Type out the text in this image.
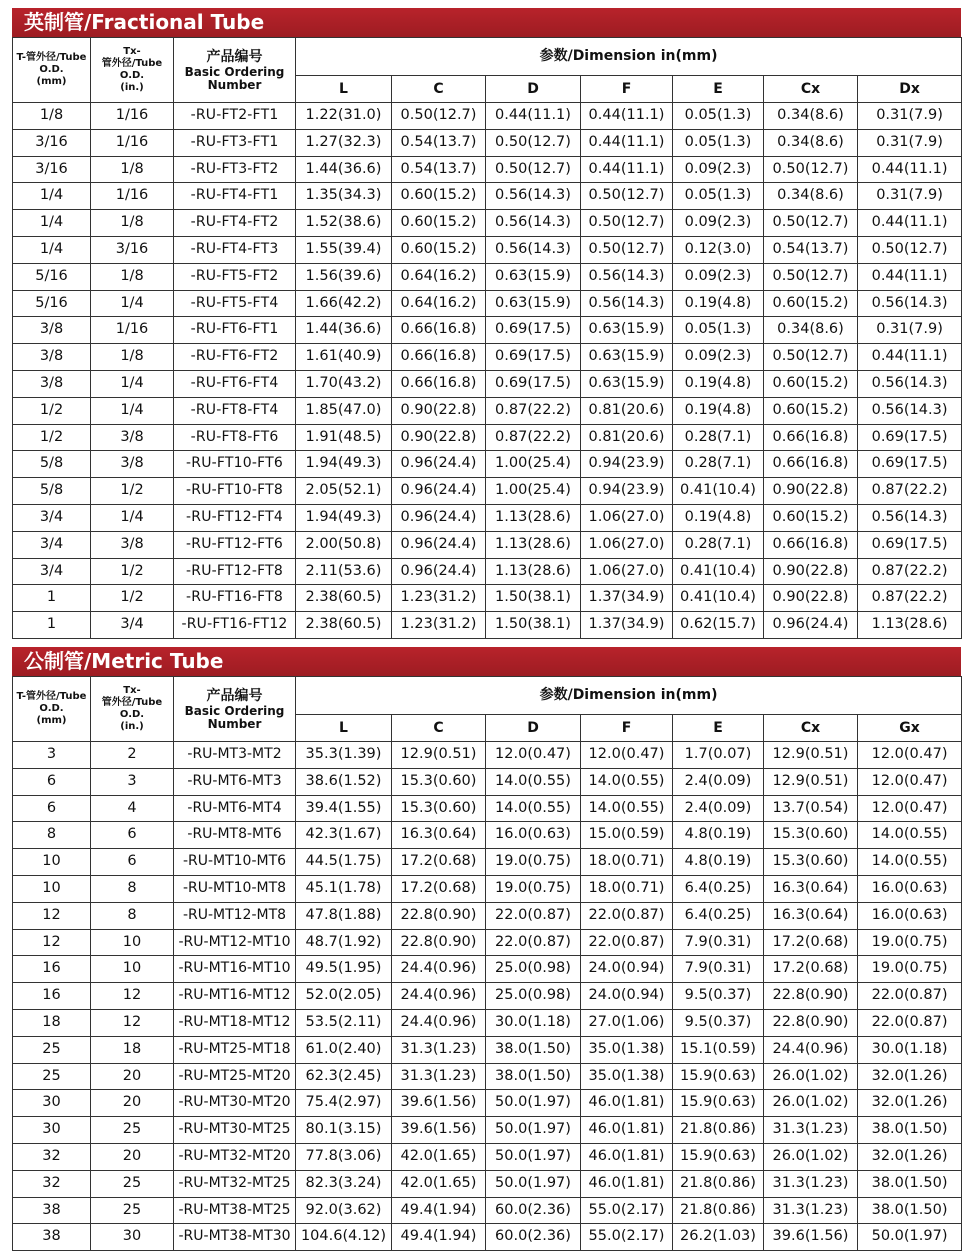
英制管/Fractional Tube
T-管外径/Tube
O.D.
(mm)	Tx-
管外径/Tube
O.D.
(in.)	产品编号
Basic Ordering
Number	参数/Dimension in(mm)						
			L	C	D	F	E	Cx	Dx
1/8	1/16	-RU-FT2-FT1	1.22(31.0)	0.50(12.7)	0.44(11.1)	0.44(11.1)	0.05(1.3)	0.34(8.6)	0.31(7.9)
3/16	1/16	-RU-FT3-FT1	1.27(32.3)	0.54(13.7)	0.50(12.7)	0.44(11.1)	0.05(1.3)	0.34(8.6)	0.31(7.9)
3/16	1/8	-RU-FT3-FT2	1.44(36.6)	0.54(13.7)	0.50(12.7)	0.44(11.1)	0.09(2.3)	0.50(12.7)	0.44(11.1)
1/4	1/16	-RU-FT4-FT1	1.35(34.3)	0.60(15.2)	0.56(14.3)	0.50(12.7)	0.05(1.3)	0.34(8.6)	0.31(7.9)
1/4	1/8	-RU-FT4-FT2	1.52(38.6)	0.60(15.2)	0.56(14.3)	0.50(12.7)	0.09(2.3)	0.50(12.7)	0.44(11.1)
1/4	3/16	-RU-FT4-FT3	1.55(39.4)	0.60(15.2)	0.56(14.3)	0.50(12.7)	0.12(3.0)	0.54(13.7)	0.50(12.7)
5/16	1/8	-RU-FT5-FT2	1.56(39.6)	0.64(16.2)	0.63(15.9)	0.56(14.3)	0.09(2.3)	0.50(12.7)	0.44(11.1)
5/16	1/4	-RU-FT5-FT4	1.66(42.2)	0.64(16.2)	0.63(15.9)	0.56(14.3)	0.19(4.8)	0.60(15.2)	0.56(14.3)
3/8	1/16	-RU-FT6-FT1	1.44(36.6)	0.66(16.8)	0.69(17.5)	0.63(15.9)	0.05(1.3)	0.34(8.6)	0.31(7.9)
3/8	1/8	-RU-FT6-FT2	1.61(40.9)	0.66(16.8)	0.69(17.5)	0.63(15.9)	0.09(2.3)	0.50(12.7)	0.44(11.1)
3/8	1/4	-RU-FT6-FT4	1.70(43.2)	0.66(16.8)	0.69(17.5)	0.63(15.9)	0.19(4.8)	0.60(15.2)	0.56(14.3)
1/2	1/4	-RU-FT8-FT4	1.85(47.0)	0.90(22.8)	0.87(22.2)	0.81(20.6)	0.19(4.8)	0.60(15.2)	0.56(14.3)
1/2	3/8	-RU-FT8-FT6	1.91(48.5)	0.90(22.8)	0.87(22.2)	0.81(20.6)	0.28(7.1)	0.66(16.8)	0.69(17.5)
5/8	3/8	-RU-FT10-FT6	1.94(49.3)	0.96(24.4)	1.00(25.4)	0.94(23.9)	0.28(7.1)	0.66(16.8)	0.69(17.5)
5/8	1/2	-RU-FT10-FT8	2.05(52.1)	0.96(24.4)	1.00(25.4)	0.94(23.9)	0.41(10.4)	0.90(22.8)	0.87(22.2)
3/4	1/4	-RU-FT12-FT4	1.94(49.3)	0.96(24.4)	1.13(28.6)	1.06(27.0)	0.19(4.8)	0.60(15.2)	0.56(14.3)
3/4	3/8	-RU-FT12-FT6	2.00(50.8)	0.96(24.4)	1.13(28.6)	1.06(27.0)	0.28(7.1)	0.66(16.8)	0.69(17.5)
3/4	1/2	-RU-FT12-FT8	2.11(53.6)	0.96(24.4)	1.13(28.6)	1.06(27.0)	0.41(10.4)	0.90(22.8)	0.87(22.2)
1	1/2	-RU-FT16-FT8	2.38(60.5)	1.23(31.2)	1.50(38.1)	1.37(34.9)	0.41(10.4)	0.90(22.8)	0.87(22.2)
1	3/4	-RU-FT16-FT12	2.38(60.5)	1.23(31.2)	1.50(38.1)	1.37(34.9)	0.62(15.7)	0.96(24.4)	1.13(28.6)
公制管/Metric Tube
T-管外径/Tube
O.D.
(mm)	Tx-
管外径/Tube
O.D.
(in.)	产品编号
Basic Ordering
Number	参数/Dimension in(mm)						
			L	C	D	F	E	Cx	Gx
3	2	-RU-MT3-MT2	35.3(1.39)	12.9(0.51)	12.0(0.47)	12.0(0.47)	1.7(0.07)	12.9(0.51)	12.0(0.47)
6	3	-RU-MT6-MT3	38.6(1.52)	15.3(0.60)	14.0(0.55)	14.0(0.55)	2.4(0.09)	12.9(0.51)	12.0(0.47)
6	4	-RU-MT6-MT4	39.4(1.55)	15.3(0.60)	14.0(0.55)	14.0(0.55)	2.4(0.09)	13.7(0.54)	12.0(0.47)
8	6	-RU-MT8-MT6	42.3(1.67)	16.3(0.64)	16.0(0.63)	15.0(0.59)	4.8(0.19)	15.3(0.60)	14.0(0.55)
10	6	-RU-MT10-MT6	44.5(1.75)	17.2(0.68)	19.0(0.75)	18.0(0.71)	4.8(0.19)	15.3(0.60)	14.0(0.55)
10	8	-RU-MT10-MT8	45.1(1.78)	17.2(0.68)	19.0(0.75)	18.0(0.71)	6.4(0.25)	16.3(0.64)	16.0(0.63)
12	8	-RU-MT12-MT8	47.8(1.88)	22.8(0.90)	22.0(0.87)	22.0(0.87)	6.4(0.25)	16.3(0.64)	16.0(0.63)
12	10	-RU-MT12-MT10	48.7(1.92)	22.8(0.90)	22.0(0.87)	22.0(0.87)	7.9(0.31)	17.2(0.68)	19.0(0.75)
16	10	-RU-MT16-MT10	49.5(1.95)	24.4(0.96)	25.0(0.98)	24.0(0.94)	7.9(0.31)	17.2(0.68)	19.0(0.75)
16	12	-RU-MT16-MT12	52.0(2.05)	24.4(0.96)	25.0(0.98)	24.0(0.94)	9.5(0.37)	22.8(0.90)	22.0(0.87)
18	12	-RU-MT18-MT12	53.5(2.11)	24.4(0.96)	30.0(1.18)	27.0(1.06)	9.5(0.37)	22.8(0.90)	22.0(0.87)
25	18	-RU-MT25-MT18	61.0(2.40)	31.3(1.23)	38.0(1.50)	35.0(1.38)	15.1(0.59)	24.4(0.96)	30.0(1.18)
25	20	-RU-MT25-MT20	62.3(2.45)	31.3(1.23)	38.0(1.50)	35.0(1.38)	15.9(0.63)	26.0(1.02)	32.0(1.26)
30	20	-RU-MT30-MT20	75.4(2.97)	39.6(1.56)	50.0(1.97)	46.0(1.81)	15.9(0.63)	26.0(1.02)	32.0(1.26)
30	25	-RU-MT30-MT25	80.1(3.15)	39.6(1.56)	50.0(1.97)	46.0(1.81)	21.8(0.86)	31.3(1.23)	38.0(1.50)
32	20	-RU-MT32-MT20	77.8(3.06)	42.0(1.65)	50.0(1.97)	46.0(1.81)	15.9(0.63)	26.0(1.02)	32.0(1.26)
32	25	-RU-MT32-MT25	82.3(3.24)	42.0(1.65)	50.0(1.97)	46.0(1.81)	21.8(0.86)	31.3(1.23)	38.0(1.50)
38	25	-RU-MT38-MT25	92.0(3.62)	49.4(1.94)	60.0(2.36)	55.0(2.17)	21.8(0.86)	31.3(1.23)	38.0(1.50)
38	30	-RU-MT38-MT30	104.6(4.12)	49.4(1.94)	60.0(2.36)	55.0(2.17)	26.2(1.03)	39.6(1.56)	50.0(1.97)
